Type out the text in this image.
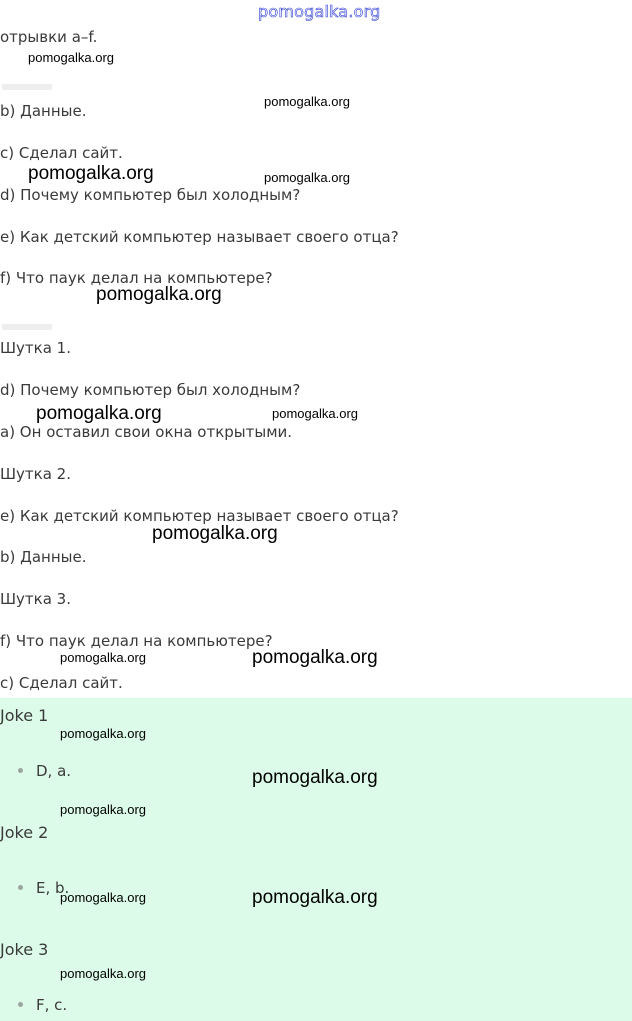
pomogalka.org
отрывки a–f.
b) Данные.
c) Сделал сайт.
d) Почему компьютер был холодным?
e) Как детский компьютер называет своего отца?
f) Что паук делал на компьютере?
Шутка 1.
d) Почему компьютер был холодным?
a) Он оставил свои окна открытыми.
Шутка 2.
e) Как детский компьютер называет своего отца?
b) Данные.
Шутка 3.
f) Что паук делал на компьютере?
c) Сделал сайт.
Joke 1
D, a.
Joke 2
E, b.
Joke 3
F, c.
pomogalka.org
pomogalka.org
pomogalka.org	pomogalka.org
pomogalka.org
pomogalka.org	pomogalka.org
pomogalka.org
pomogalka.org	pomogalka.org
pomogalka.org
pomogalka.org
pomogalka.org
pomogalka.org	pomogalka.org
pomogalka.org
